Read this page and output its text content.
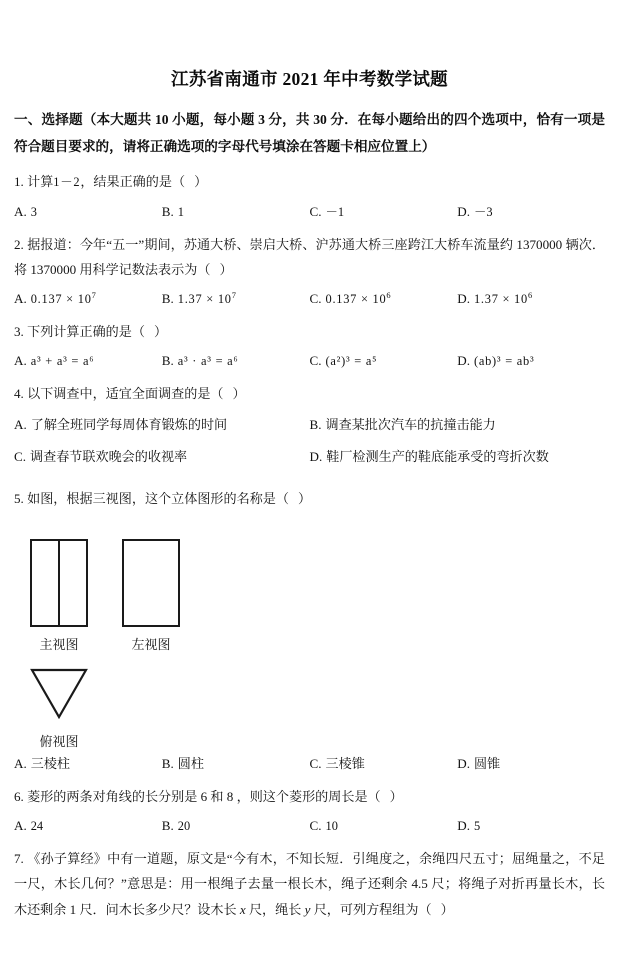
江苏省南通市 2021 年中考数学试题
一、选择题（本大题共 10 小题，每小题 3 分，共 30 分．在每小题给出的四个选项中，恰有一项是符合题目要求的，请将正确选项的字母代号填涂在答题卡相应位置上）
1. 计算1－2，结果正确的是（ ）
A. 3	B. 1	C. －1	D. －3
2. 据报道：今年“五一”期间，苏通大桥、崇启大桥、沪苏通大桥三座跨江大桥车流量约 1370000 辆次．将 1370000 用科学记数法表示为（ ）
A. $0.137 \times 10^7$	B. $1.37 \times 10^7$	C. $0.137 \times 10^6$	D. $1.37 \times 10^6$
3. 下列计算正确的是（ ）
A. a³ + a³ = a⁶	B. a³ · a³ = a⁶	C. (a²)³ = a⁵	D. (ab)³ = ab³
4. 以下调查中，适宜全面调查的是（ ）
A. 了解全班同学每周体育锻炼的时间	B. 调查某批次汽车的抗撞击能力
C. 调查春节联欢晚会的收视率	D. 鞋厂检测生产的鞋底能承受的弯折次数
5. 如图，根据三视图，这个立体图形的名称是（ ）
主视图	左视图
俯视图
A. 三棱柱	B. 圆柱	C. 三棱锥	D. 圆锥
6. 菱形的两条对角线的长分别是 6 和 8 ，则这个菱形的周长是（ ）
A. 24	B. 20	C. 10	D. 5
7. 《孙子算经》中有一道题，原文是“今有木，不知长短．引绳度之，余绳四尺五寸；屈绳量之，不足一尺，木长几何？”意思是：用一根绳子去量一根长木，绳子还剩余 4.5 尺；将绳子对折再量长木，长木还剩余 1 尺．问木长多少尺？设木长 x 尺，绳长 y 尺，可列方程组为（ ）
